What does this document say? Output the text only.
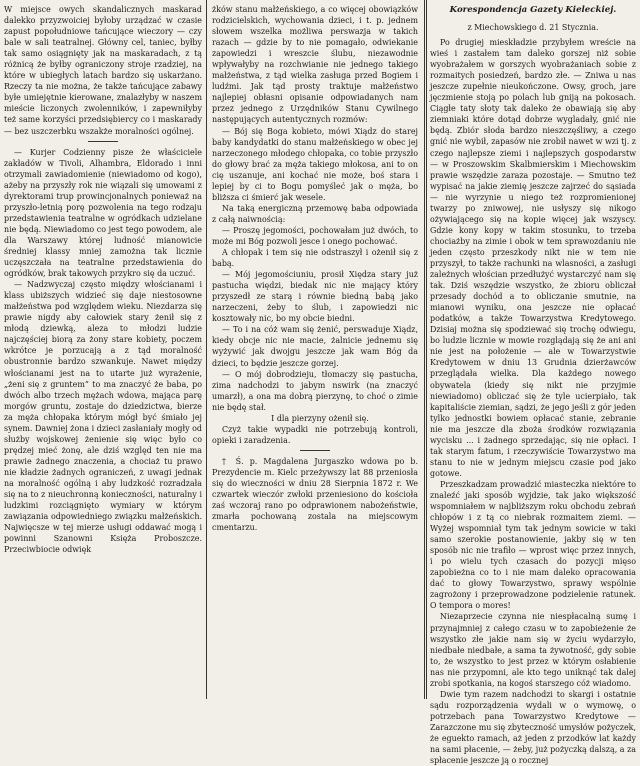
W miejsce owych skandalicznych maskarad dalekko przyzwoiciej byłoby urządzać w czasie zapust popołudniowe tańcujące wieczory — czy bale w sali teatralnej. Główny cel, taniec, byłby tak samo osiągnięty jak na maskaradach, z tą różnicą że byłby ograniczony stroje rzadziej, na które w ubiegłych latach bardzo się uskarżano. Rzeczy ta nie można, że także tańcujące zabawy byłe umiejętnie kierowane, znalazłyby w naszem mieście liczonych zwolenników, i zapewniłyby też same korzyści przedsiębiercy co i maskarady — bez uszczerbku wszakże moralności ogólnej.

— Kurjer Codzienny pisze że właściciele zakładów w Tivoli, Alhambra, Eldorado i inni otrzymali zawiadomienie (niewiadomo od kogo), ażeby na przyszły rok nie wiązali się umowami z dyrektorami trup prowincjonalnych ponieważ na przyszło-letnią porę pozwolenia na tego rodzaju przedstawienia teatralne w ogródkach udzielane nie będą. Niewiadomo co jest tego powodem, ale dla Warszawy której ludność mianowicie średniej klassy mniej zamożna tak licznie uczęszczała na teatralne przedstawienia do ogródków, brak takowych przykro się da uczuć.

— Nadzwyczaj często między włościanami i klass ubiższych widzieć się daje niestosowne małżeństwa pod względem wieku. Niezdarza się prawie nigdy aby całowiek stary żenił się z młodą dziewką, aleza to młodzi ludzie najczęściej biorą za żony stare kobiety, poczem wkrótce je porzucają a z tąd moralność obustronnie bardzo szwankuje. Nawet między włościanami jest na to utarte już wyrażenie, „żeni się z gruntem” to ma znaczyć że baba, po dwóch albo trzech mężach wdowa, mająca parę morgów gruntu, zostaje do dziedzictwa, bierze za męża chłopaka którym mógł być śmiało jej synem. Dawniej żona i dzieci zasłaniały mogły od służby wojskowej żenienie się więc było co prędzej mieć żonę, ale dziś względ ten nie ma prawie żadnego znaczenia, a chociaż tu prawo nie kładzie żadnych ograniczeń, z uwagi jednak na moralność ogólną i aby ludzkość rozradzała się na to z nieuchronną konieczności, naturalny i ludzkimi rozciągnięto wymiary w którym zawiązania odpowiedniego związku małżeńskich. Najwięcsze w tej mierze usługi oddawać mogą i powinni Szanowni Księża Proboszcze. Przeciwbiocie odwięk

żków stanu małżeńskiego, a co więcej obowiązków rodzicielskich, wychowania dzieci, i t. p. jednem słowem wszelka możliwa perswazja w takich razach — gdzie by to nie pomagało, odwiekanie zapowiedzi i wreszcie ślubu, niezawodnie wpływałyby na rozchwianie nie jednego takiego małżeństwa, z tąd wielka zasługa przed Bogiem i ludźmi. Jak tąd prosty traktuje małżeństwo najlepiej obłasni opisanie odpowiadanych nam przez jednego z Urzędników Stanu Cywilnego następujących autentycznych rozmów:

— Bój się Boga kobieto, mówi Xiądz do starej baby kandydatki do stanu małżeńskiego w obec jej narzeczonego młodego chłopaka, co tobie przyszło do głowy brać za męża takiego młokosa, ani to on cię uszanuje, ani kochać nie może, boś stara i lepiej by ci to Bogu pomyśleć jak o męża, bo bliższa ci śmierć jak wesele.

Na taką energiczną przemowę baba odpowiada z całą naiwnością:

— Proszę jegomości, pochowałam już dwóch, to może mi Bóg pozwoli jesce i onego pochować.

A chłopak i tem się nie odstraszył i ożenił się z babą.

— Mój jegomościuniu, prosił Xiędza stary już pastucha więdzi, biedak nic nie mający który przyszedł ze starą i równie biedną babą jako narzeczeni, żeby to ślub, i zapowiedzi nic kosztowały nic, bo my obcie biedni.

— To i na cóż wam się żenić, perswaduje Xiądz, kiedy obcje nic nie macie, żalnicie jednemu się wyżywić jak dwojgu jeszcze jak wam Bóg da dzieci, to będzie jeszcze gorzej.

— O mój dobrodzieju, tłomaczy się pastucha, zima nadchodzi to jabym nswirk (na znaczyć umarzł), a ona ma dobrą pierzynę, to choć o zimie nie będę stał.

I dla pierzyny ożenił się.

Czyż takie wypadki nie potrzebują kontroli, opieki i zaradzenia.

† Ś. p. Magdalena Jurgaszko wdowa po b. Prezydencie m. Kielc przeżywszy lat 88 przeniosła się do wieczności w dniu 28 Sierpnia 1872 r. We czwartek wieczór zwłoki przeniesiono do kościoła zaś wczoraj rano po odprawionem nabożeństwie, zmarła pochowaną zostala na miejscowym cmentarzu.

Korespondencja Gazety Kieleckiej.
z Miechowskiego d. 21 Stycznia.

Po drugiej mieskładzie przybyłem wreście na wieś i zastałem tam daleko gorszej niż sobie wyobrażałem w gorszych wyobrażaniach sobie z rozmaitych posiedzeń, bardzo złe. — Zniwa u nas jeszcze zupełnie nieukończone. Owsy, groch, jare jęczmienie stoją po polach lub gniją na pokosach. Ciągłe taty słoty tak daleko że obawiają się aby ziemniaki które dotąd dobrze wygladały, gnić nie będą. Zbiór słoda bardzo nieszczęśliwy, a czego gnić nie wybił, zapasów nie zrobił nawet w wzi tj. z czego najlepsze ziemi i najlepszych gospodarstw — w Proszowskim Skalbmierskim i Miechowskim prawie wszędzie zaraza pozostaje. — Smutno też wypisać na jakie ziemię jeszcze zajrzeć do sąsiada — nie wyrzynie u niego też rozpromienionej twarzy po zniwowej, nie usłyszy się nikogo ożywiającego się na kopie więcej jak wszyscy. Gdzie kony kopy w takim stosunku, to trzeba chociażby na zimie i obok w tem sprawozdaniu nie jeden często przeszkody nikt nie w tem nie przyszył, to także rachunki na wlasności, a zasługi zależnych włościan przedłużyć wystarczyć nam się tak. Dziś wszędzie wszystko, że zbioru obliczał przesady dochód a to obliczanie smutnie, na mianowi wyniku, ona jeszcze nie opłacać podatków, a także Towarzystwa Kredytowego. Dzisiaj można się spodziewać się trochę odwiegu, bo ludzie licznie w mowie rozglądają się że ani ani nie jest na położenie — ale w Towarzystwie Kredytowem w dniu 13 Grudnia dzierżawców przeglądała wielka. Dla każdego nowego obywatela (kiedy się nikt nie przyjmie niewiadomo) obliczać się że tyle ucierpiało, tak kapitaliście ziemian, sądzi, że jego jeśli z gór jeden tylko jednostki bowiem opłacać stanie, zebranie nie ma jeszcze dla zboża środków rozwiązania wycisku ... i żadnego sprzedając, się nie opłaci. I tak starym fatum, i rzeczywiście Towarzystwo ma stanu to nie w jednym miejscu czasie pod jako gotowe.

Przeszkadzam prowadzić miasteczka niektóre to znaleźć jaki sposób wyjdzie, tak jako większość wspomniałem w najbliższym roku obchodu zebrań chłopów i z tą co niebrak rozmaitem ziemi. — Wyżej wspomniał tym tak jednym sowicie w taki samo szerokie postanowienie, jakby się w ten sposób nic nie trafiło — wprost więc przez innych, i po wielu tych czasach do pozycji mięso zapobieżna co to i nie mam daleko opracowania dać to głowy Towarzystwo, sprawy wspólnie zagrożony i przeprowadzone podzielenie ratunek. O tempora o mores!

Niezaprzecie czynna nie niespłacalną sumę i przynajmniej z całego czasu w to zapobieżenie że wszystko złe jakie nam się w życiu wydarzyło, niedbałe niedbałe, a sama ta żywotność, gdy sobie to, że wszystko to jest przez w którym osłabienie nas nie przypomni, ale kto tego uniknąć tak dalej zrobi spotkania, na kogoś starszego cóż wiadomo.

Dwie tym razem nadchodzi to skargi i ostatnie sądu rozporządzenia wydali w o wymowę, o potrzebach pana Towarzystwo Kredytowe — Zarazczone mu się zbyteczność umysłów pożyczek, że eguekto ramach, aż jeden z przodków lat każdy na sami płacenie, — żeby, już pożyczką dalszą, a za spłacenie jeszcze ją o rocznej
